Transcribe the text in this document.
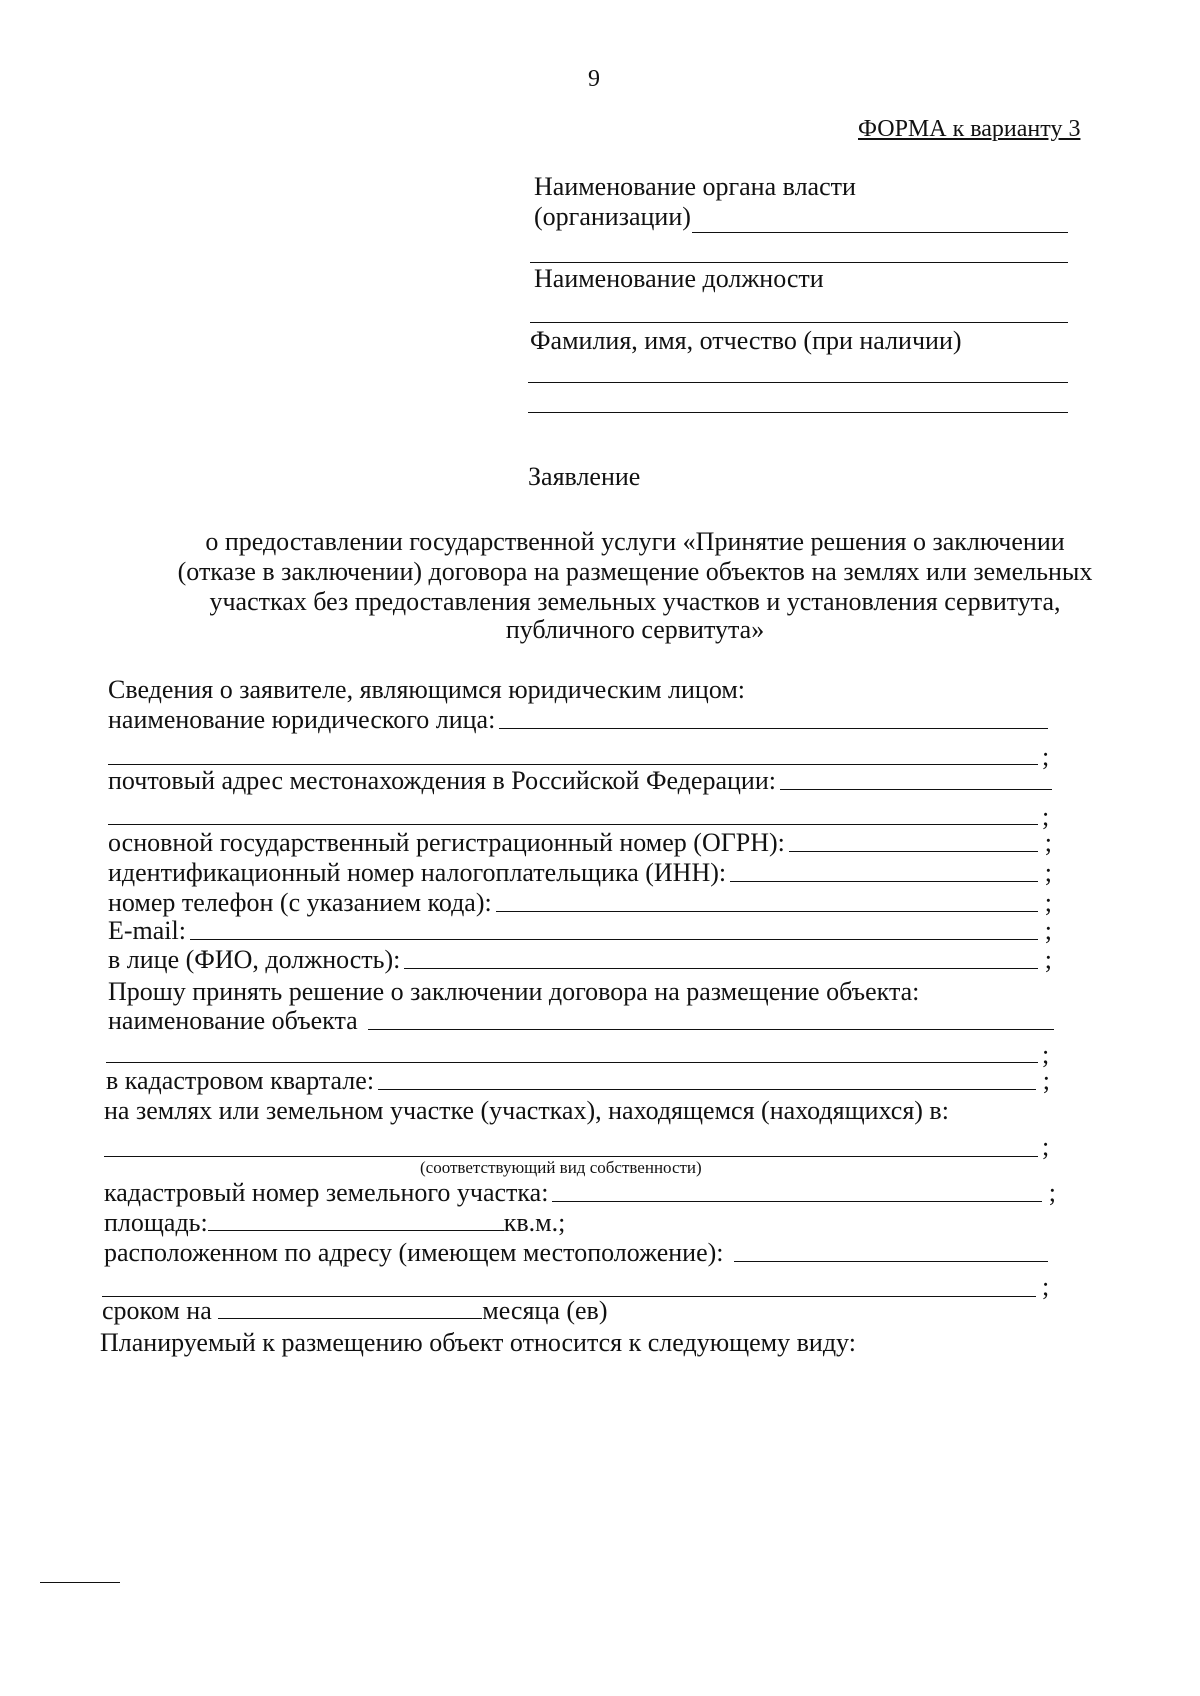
9
ФОРМА к варианту 3
Наименование органа власти
(организации)
Наименование должности
Фамилия, имя, отчество (при наличии)
Заявление
о предоставлении государственной услуги «Принятие решения о заключении
(отказе в заключении) договора на размещение объектов на землях или земельных
участках без предоставления земельных участков и установления сервитута,
публичного сервитута»
Сведения о заявителе, являющимся юридическим лицом:
наименование юридического лица:
;
почтовый адрес местонахождения в Российской Федерации:
;
основной государственный регистрационный номер (ОГРН):	;
идентификационный номер налогоплательщика (ИНН):	;
номер телефон (с указанием кода):	;
E-mail:	;
в лице (ФИО, должность):	;
Прошу принять решение о заключении договора на размещение объекта:
наименование объекта
;
в кадастровом квартале:	;
на землях или земельном участке (участках), находящемся (находящихся) в:
;
(соответствующий вид собственности)
кадастровый номер земельного участка:	;
площадь:	кв.м.;
расположенном по адресу (имеющем местоположение):
;
сроком на	месяца (ев)
Планируемый к размещению объект относится к следующему виду:
